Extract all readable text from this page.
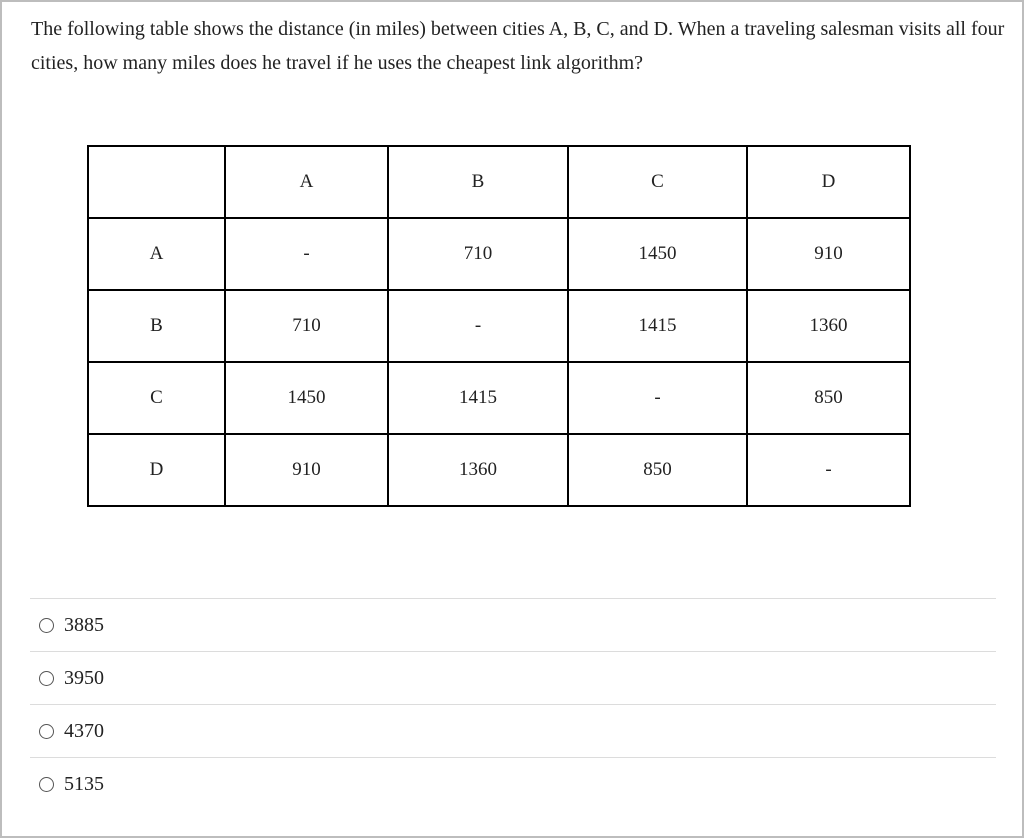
The following table shows the distance (in miles) between cities A, B, C, and D. When a traveling salesman visits all four cities, how many miles does he travel if he uses the cheapest link algorithm?
	A	B	C	D
A	-	710	1450	910
B	710	-	1415	1360
C	1450	1415	-	850
D	910	1360	850	-
3885
3950
4370
5135
